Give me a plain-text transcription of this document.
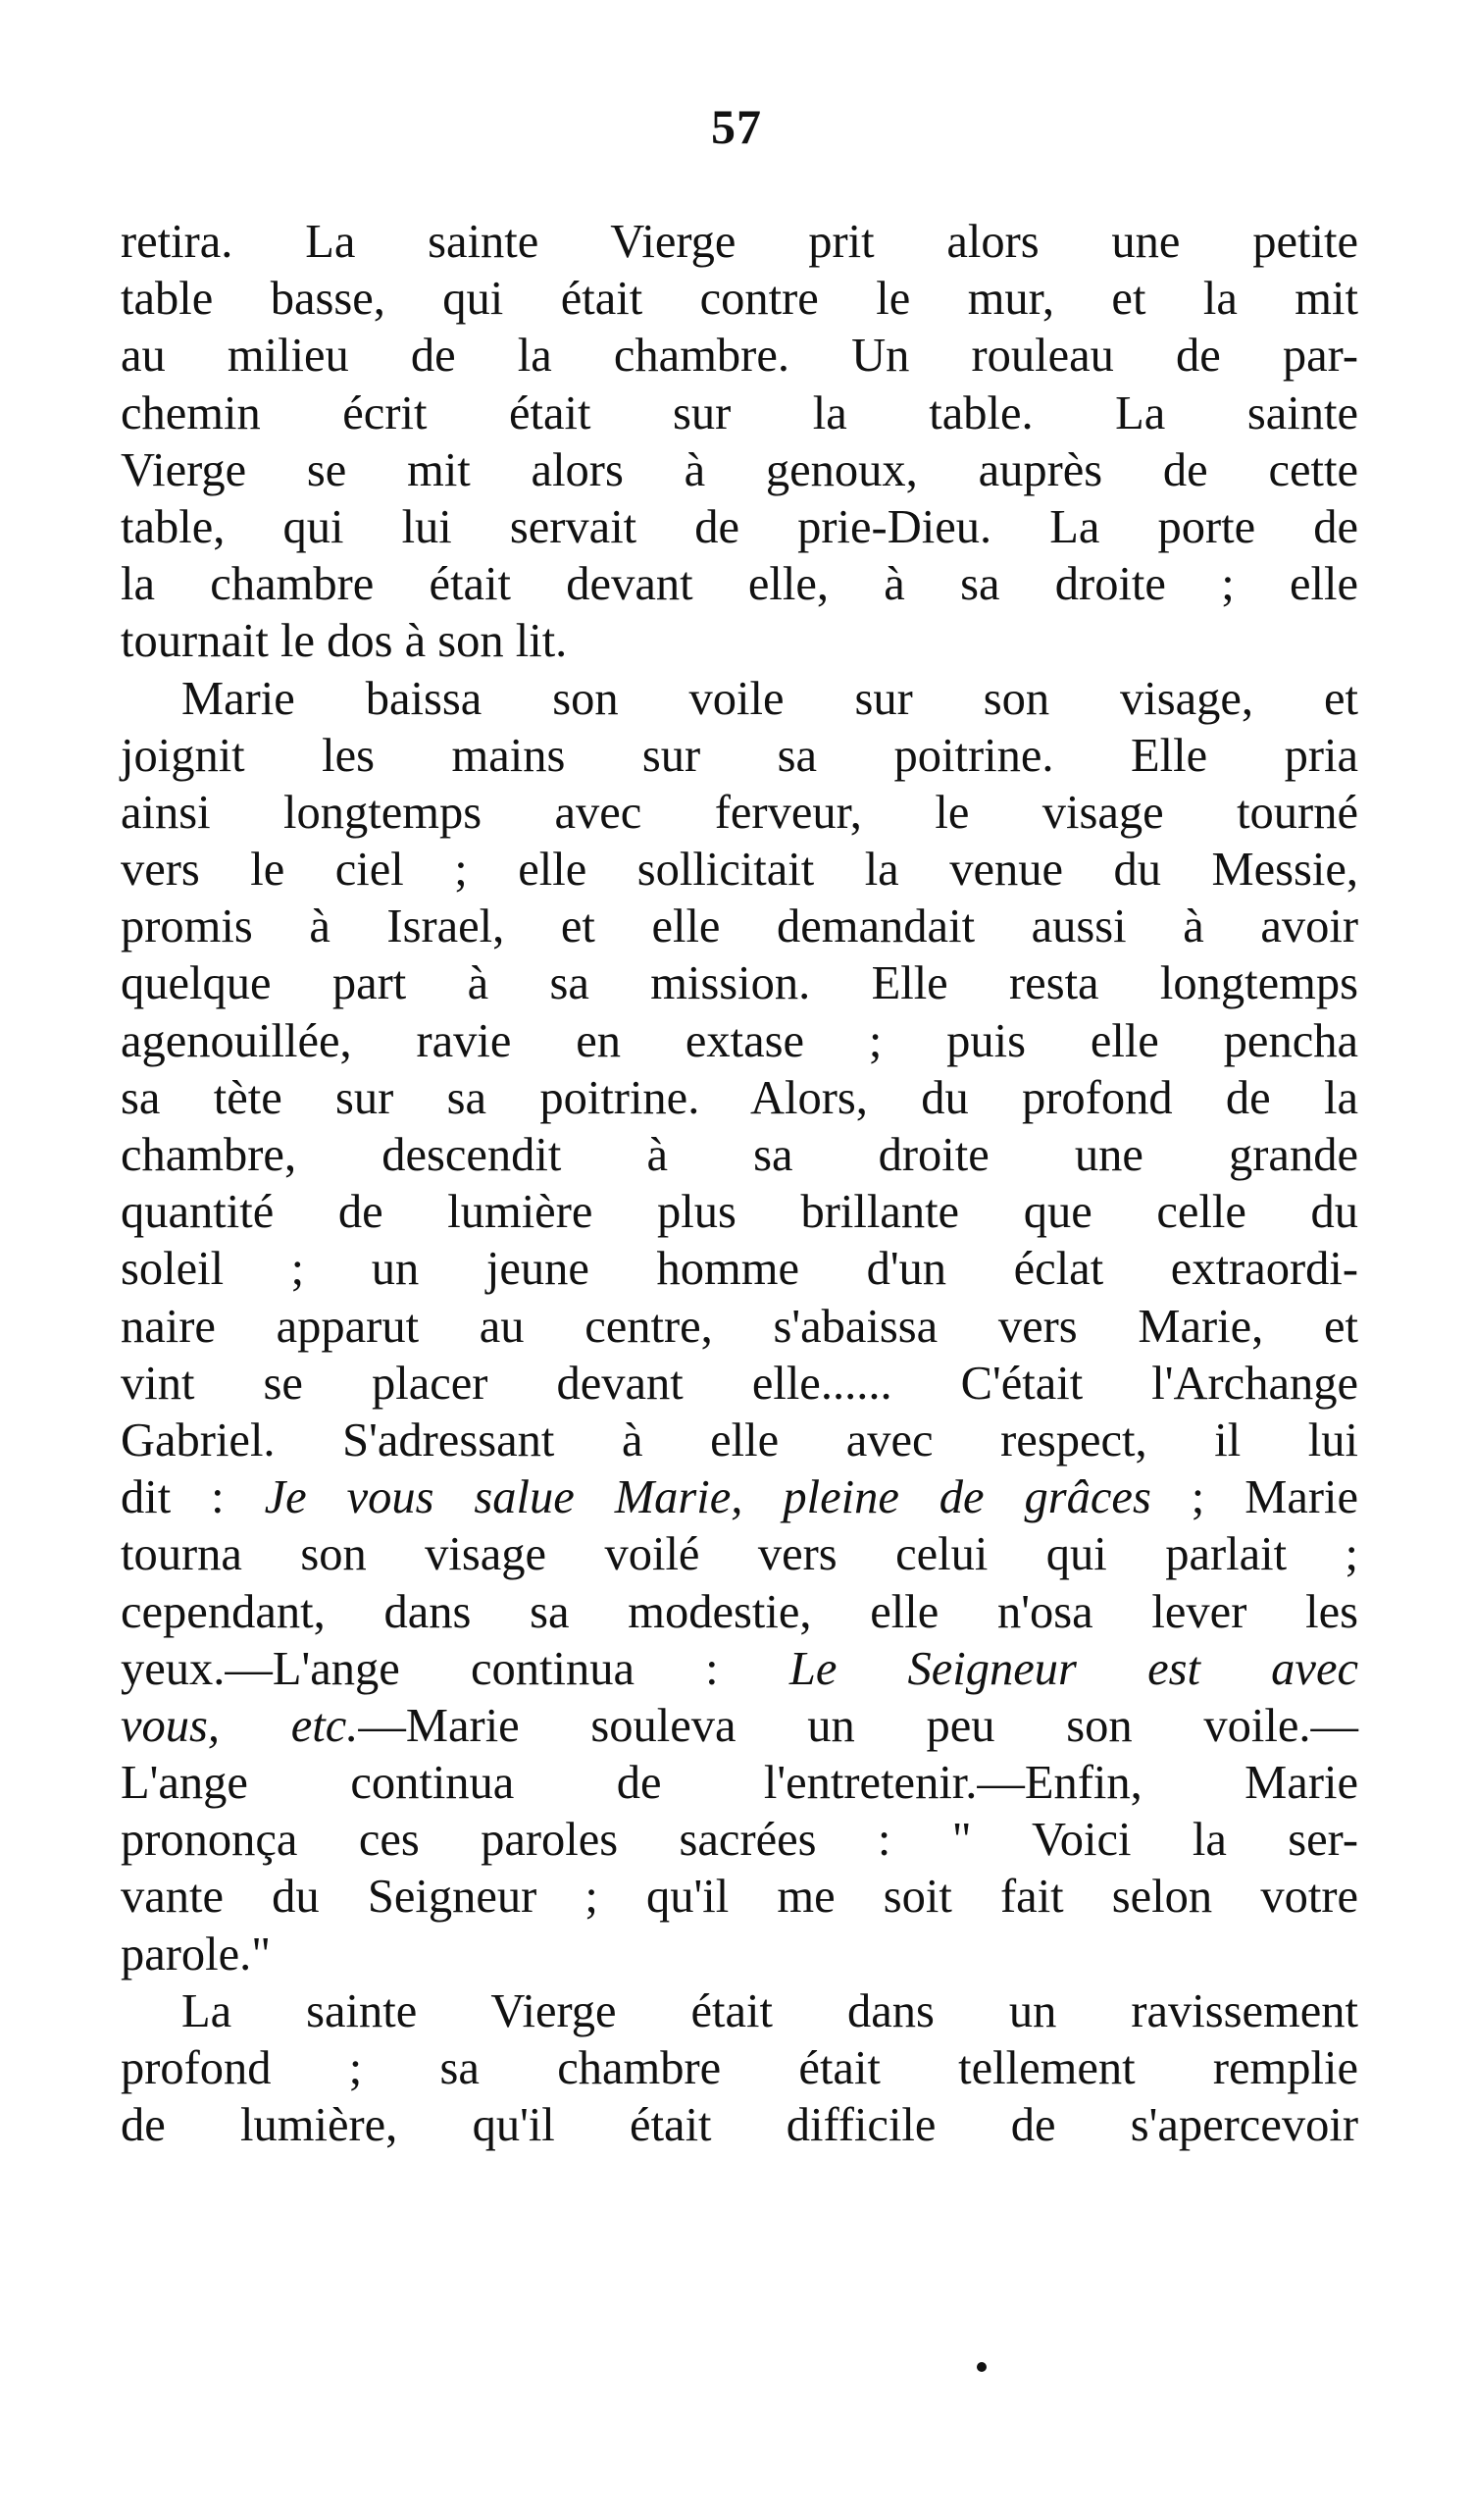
57
retira. La sainte Vierge prit alors une petite
table basse, qui était contre le mur, et la mit
au milieu de la chambre. Un rouleau de par-
chemin écrit était sur la table. La sainte
Vierge se mit alors à genoux, auprès de cette
table, qui lui servait de prie-Dieu. La porte de
la chambre était devant elle, à sa droite ; elle
tournait le dos à son lit.
Marie baissa son voile sur son visage, et
joignit les mains sur sa poitrine. Elle pria
ainsi longtemps avec ferveur, le visage tourné
vers le ciel ; elle sollicitait la venue du Messie,
promis à Israel, et elle demandait aussi à avoir
quelque part à sa mission. Elle resta longtemps
agenouillée, ravie en extase ; puis elle pencha
sa tète sur sa poitrine. Alors, du profond de la
chambre, descendit à sa droite une grande
quantité de lumière plus brillante que celle du
soleil ; un jeune homme d'un éclat extraordi-
naire apparut au centre, s'abaissa vers Marie, et
vint se placer devant elle...... C'était l'Archange
Gabriel. S'adressant à elle avec respect, il lui
dit : Je vous salue Marie, pleine de grâces ; Marie
tourna son visage voilé vers celui qui parlait ;
cependant, dans sa modestie, elle n'osa lever les
yeux.—L'ange continua : Le Seigneur est avec
vous, etc.—Marie souleva un peu son voile.—
L'ange continua de l'entretenir.—Enfin, Marie
prononça ces paroles sacrées : " Voici la ser-
vante du Seigneur ; qu'il me soit fait selon votre
parole."
La sainte Vierge était dans un ravissement
profond ; sa chambre était tellement remplie
de lumière, qu'il était difficile de s'apercevoir
